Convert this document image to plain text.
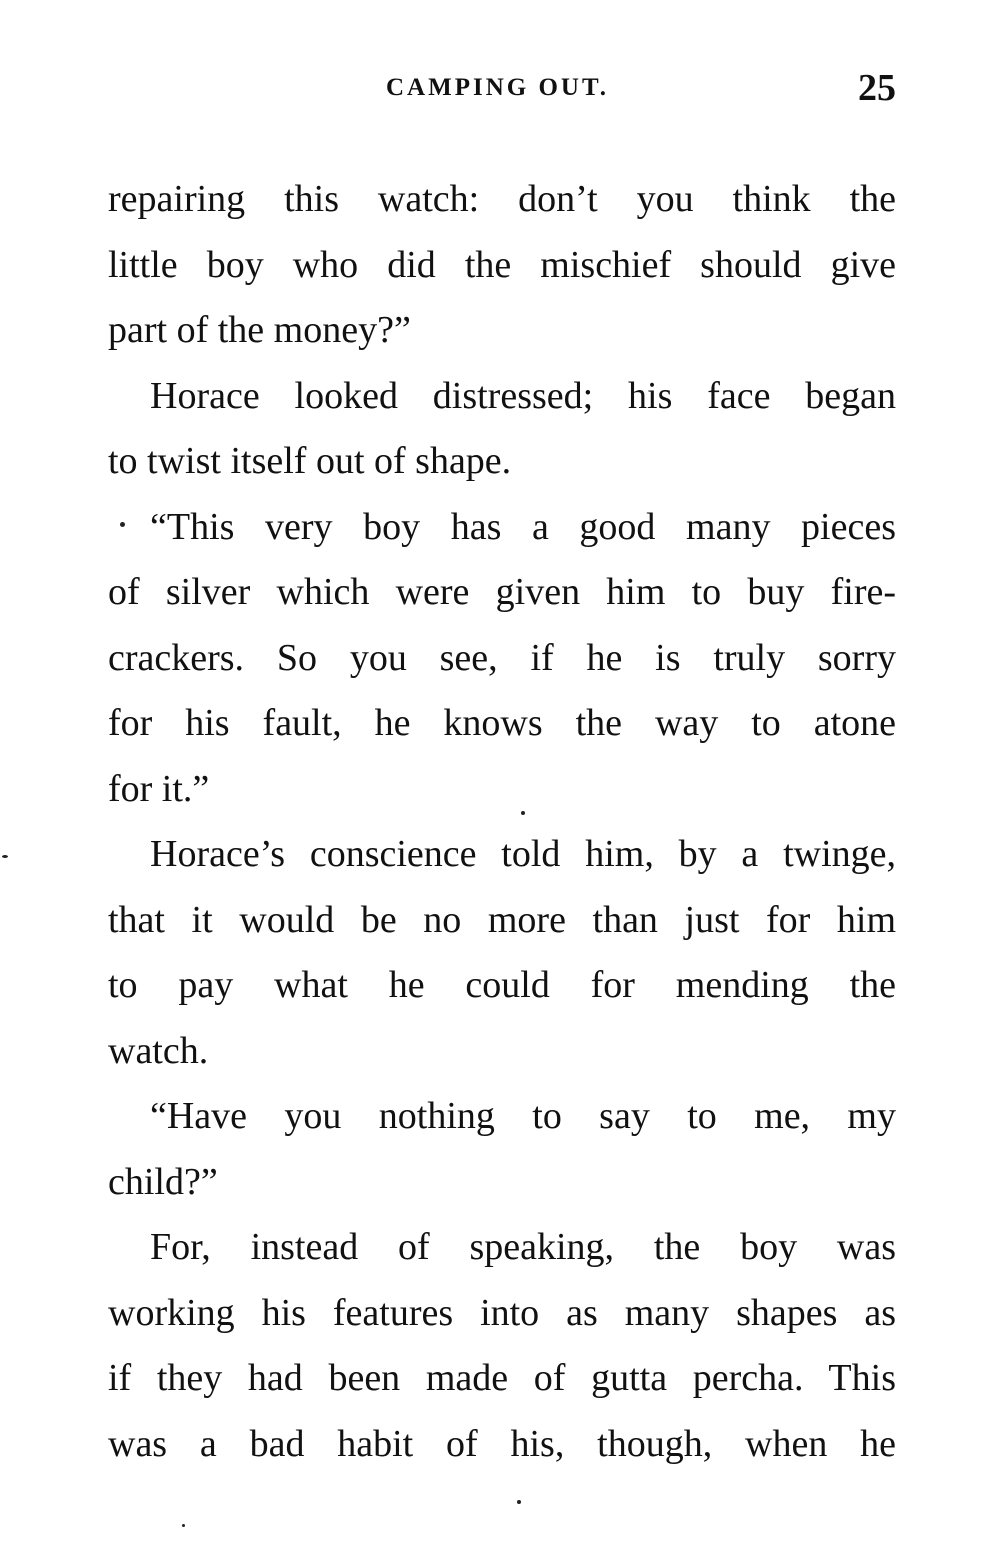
CAMPING OUT.	25
repairing this watch: don’t you think the
little boy who did the mischief should give
part of the money?”
Horace looked distressed; his face began
to twist itself out of shape.
“This very boy has a good many pieces
of silver which were given him to buy fire-
crackers. So you see, if he is truly sorry
for his fault, he knows the way to atone
for it.”
Horace’s conscience told him, by a twinge,
that it would be no more than just for him
to pay what he could for mending the
watch.
“Have you nothing to say to me, my
child?”
For, instead of speaking, the boy was
working his features into as many shapes as
if they had been made of gutta percha. This
was a bad habit of his, though, when he
